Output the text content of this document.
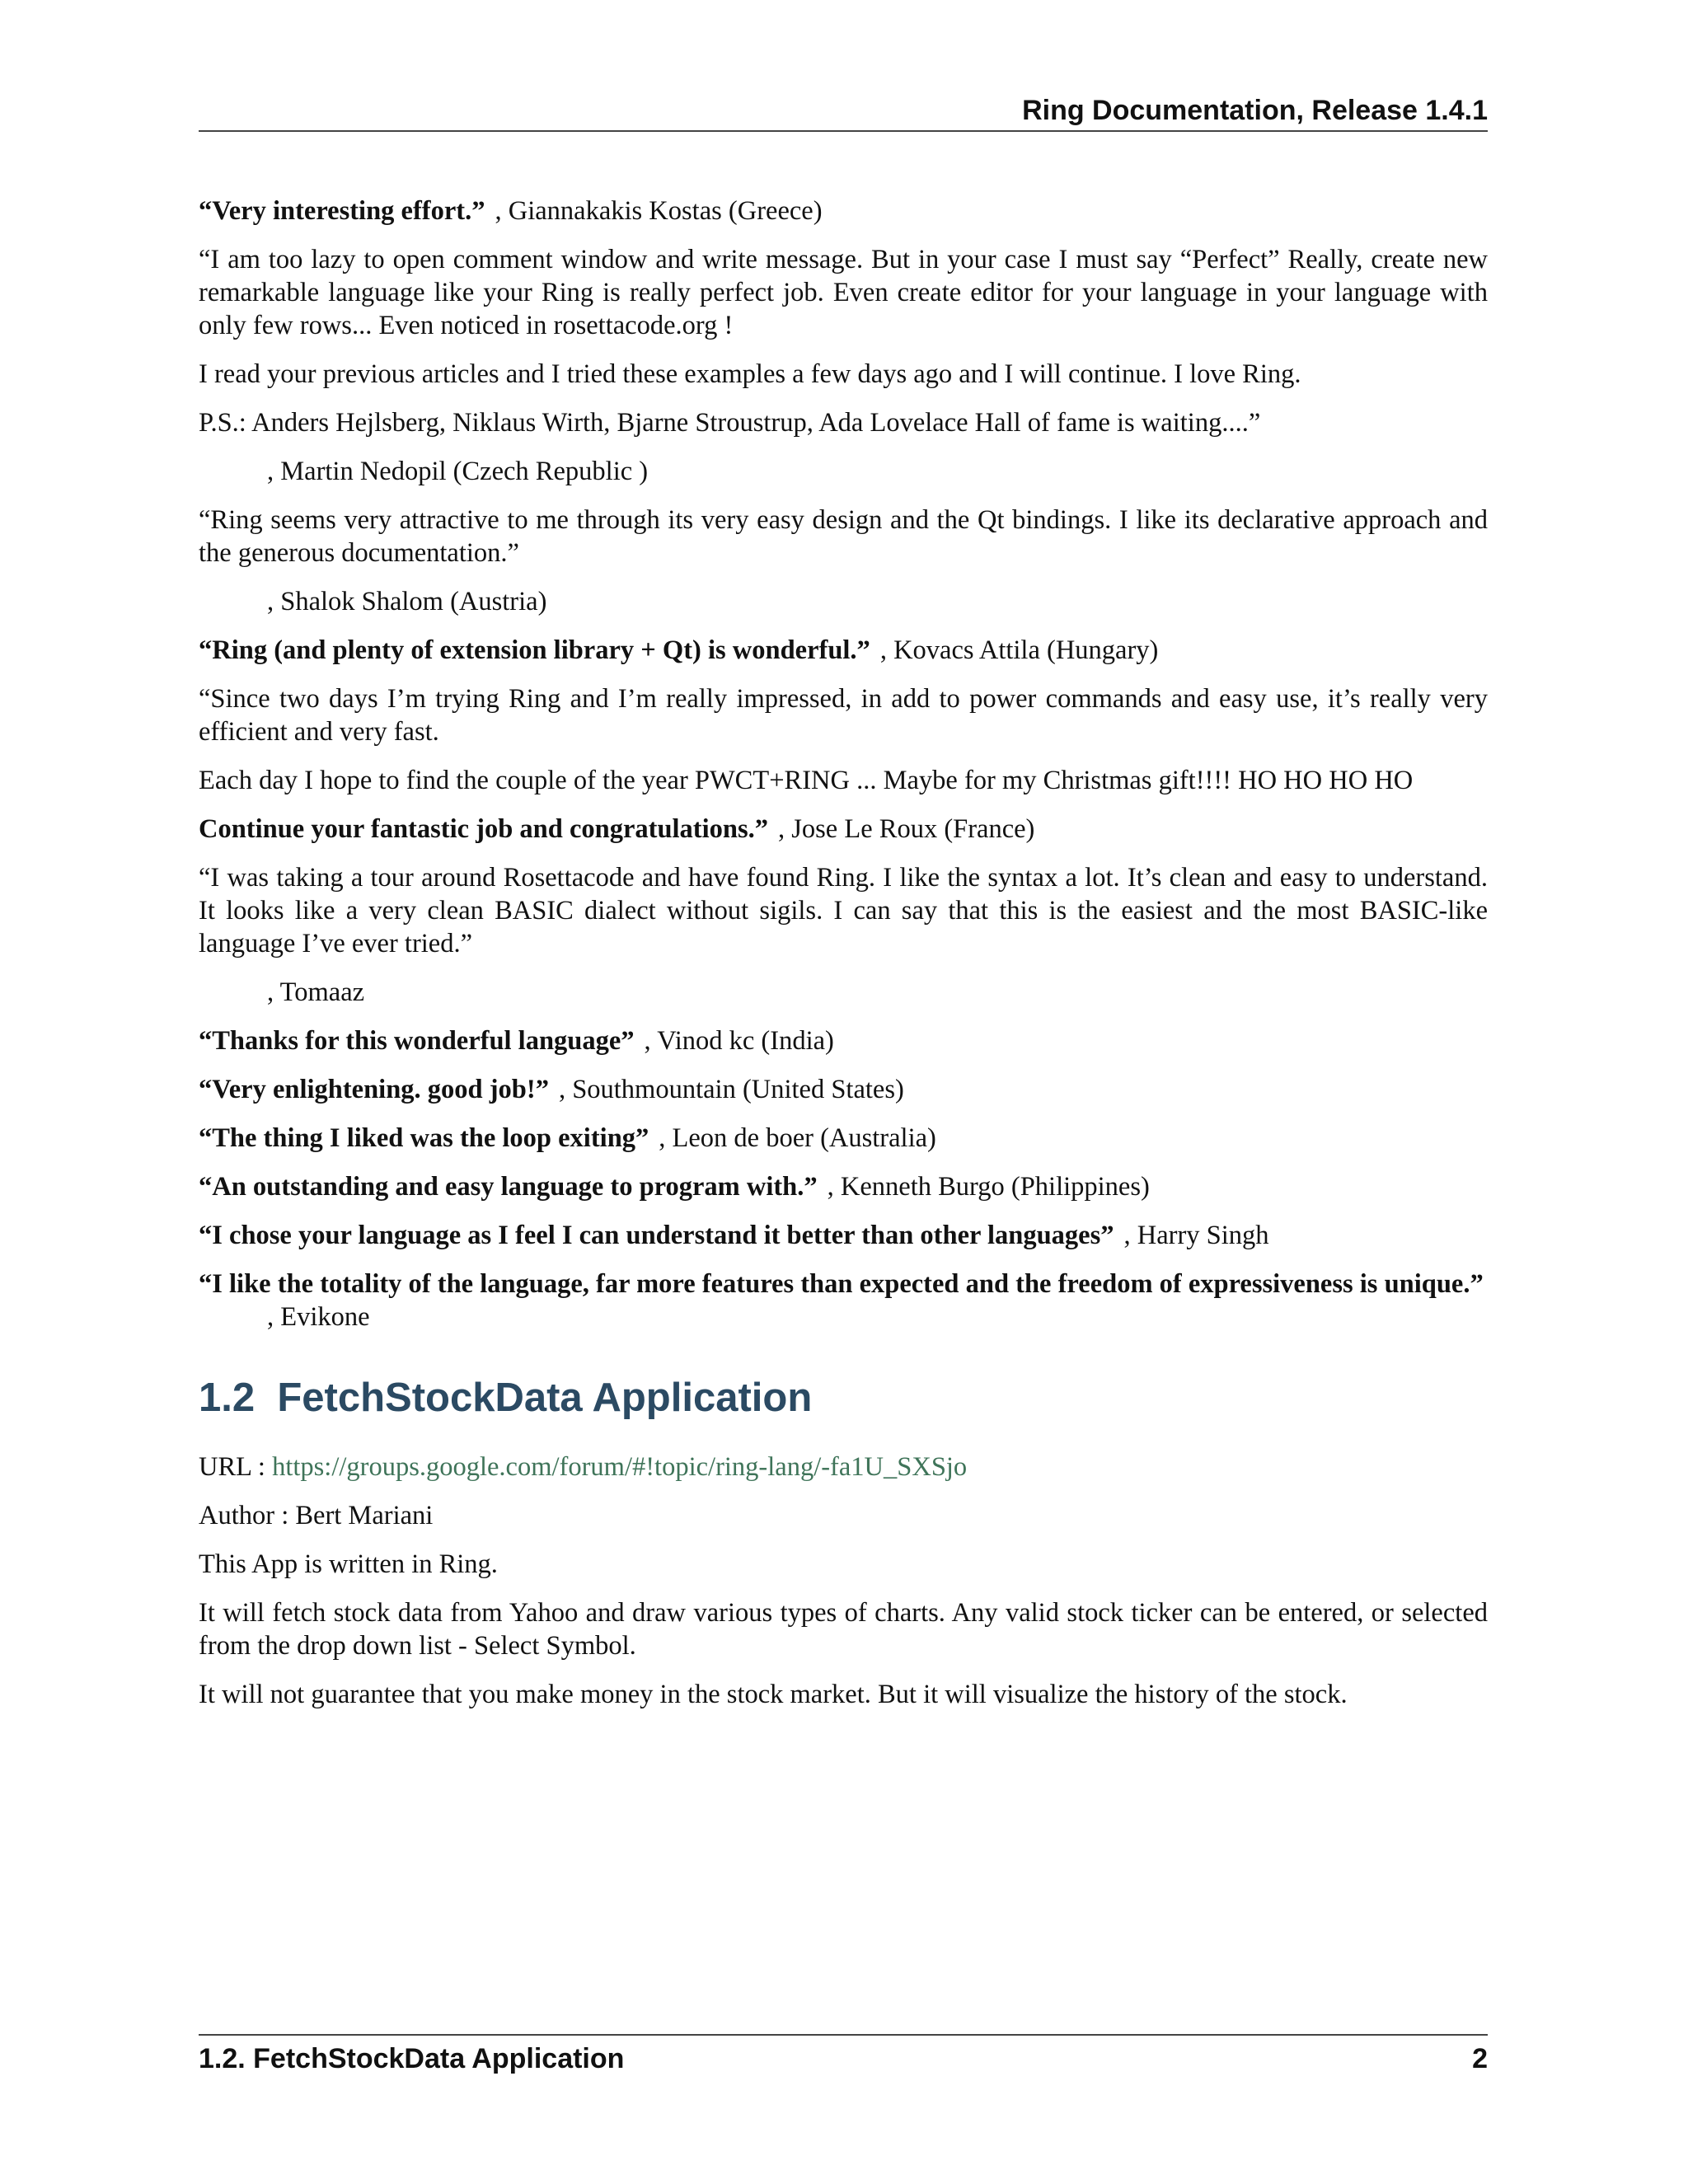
Ring Documentation, Release 1.4.1

“Very interesting effort.” , Giannakakis Kostas (Greece)

“I am too lazy to open comment window and write message. But in your case I must say “Perfect” Really, create new remarkable language like your Ring is really perfect job. Even create editor for your language in your language with only few rows... Even noticed in rosettacode.org !

I read your previous articles and I tried these examples a few days ago and I will continue. I love Ring.

P.S.: Anders Hejlsberg, Niklaus Wirth, Bjarne Stroustrup, Ada Lovelace Hall of fame is waiting....”

, Martin Nedopil (Czech Republic )

“Ring seems very attractive to me through its very easy design and the Qt bindings. I like its declarative approach and the generous documentation.”

, Shalok Shalom (Austria)

“Ring (and plenty of extension library + Qt) is wonderful.” , Kovacs Attila (Hungary)

“Since two days I’m trying Ring and I’m really impressed, in add to power commands and easy use, it’s really very efficient and very fast.

Each day I hope to find the couple of the year PWCT+RING ... Maybe for my Christmas gift!!!! HO HO HO HO

Continue your fantastic job and congratulations.” , Jose Le Roux (France)

“I was taking a tour around Rosettacode and have found Ring. I like the syntax a lot. It’s clean and easy to understand. It looks like a very clean BASIC dialect without sigils. I can say that this is the easiest and the most BASIC-like language I’ve ever tried.”

, Tomaaz

“Thanks for this wonderful language” , Vinod kc (India)

“Very enlightening. good job!” , Southmountain (United States)

“The thing I liked was the loop exiting” , Leon de boer (Australia)

“An outstanding and easy language to program with.” , Kenneth Burgo (Philippines)

“I chose your language as I feel I can understand it better than other languages” , Harry Singh

“I like the totality of the language, far more features than expected and the freedom of expressiveness is unique.”
, Evikone

1.2 FetchStockData Application

URL : https://groups.google.com/forum/#!topic/ring-lang/-fa1U_SXSjo

Author : Bert Mariani

This App is written in Ring.

It will fetch stock data from Yahoo and draw various types of charts. Any valid stock ticker can be entered, or selected from the drop down list - Select Symbol.

It will not guarantee that you make money in the stock market. But it will visualize the history of the stock.

1.2. FetchStockData Application	2
